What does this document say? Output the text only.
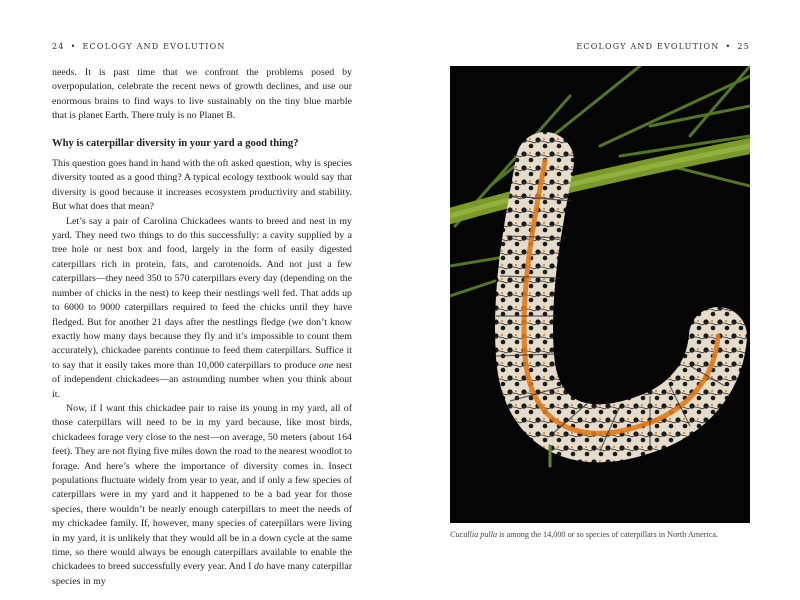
24 • ECOLOGY AND EVOLUTION	ECOLOGY AND EVOLUTION • 25

needs. It is past time that we confront the problems posed by overpopulation, celebrate the recent news of growth declines, and use our enormous brains to find ways to live sustainably on the tiny blue marble that is planet Earth. There truly is no Planet B.

Why is caterpillar diversity in your yard a good thing?

This question goes hand in hand with the oft asked question, why is species diversity touted as a good thing? A typical ecology textbook would say that diversity is good because it increases ecosystem productivity and stability. But what does that mean?

Let’s say a pair of Carolina Chickadees wants to breed and nest in my yard. They need two things to do this successfully: a cavity supplied by a tree hole or nest box and food, largely in the form of easily digested caterpillars rich in protein, fats, and carotenoids. And not just a few caterpillars—they need 350 to 570 caterpillars every day (depending on the number of chicks in the nest) to keep their nestlings well fed. That adds up to 6000 to 9000 caterpillars required to feed the chicks until they have fledged. But for another 21 days after the nestlings fledge (we don’t know exactly how many days because they fly and it’s impossible to count them accurately), chickadee parents continue to feed them caterpillars. Suffice it to say that it easily takes more than 10,000 caterpillars to produce one nest of independent chickadees—an astounding number when you think about it.

Now, if I want this chickadee pair to raise its young in my yard, all of those caterpillars will need to be in my yard because, like most birds, chickadees forage very close to the nest—on average, 50 meters (about 164 feet). They are not flying five miles down the road to the nearest woodlot to forage. And here’s where the importance of diversity comes in. Insect populations fluctuate widely from year to year, and if only a few species of caterpillars were in my yard and it happened to be a bad year for those species, there wouldn’t be nearly enough caterpillars to meet the needs of my chickadee family. If, however, many species of caterpillars were living in my yard, it is unlikely that they would all be in a down cycle at the same time, so there would always be enough caterpillars available to enable the chickadees to breed successfully every year. And I do have many caterpillar species in my

Cucullia pulla is among the 14,000 or so species of caterpillars in North America.
